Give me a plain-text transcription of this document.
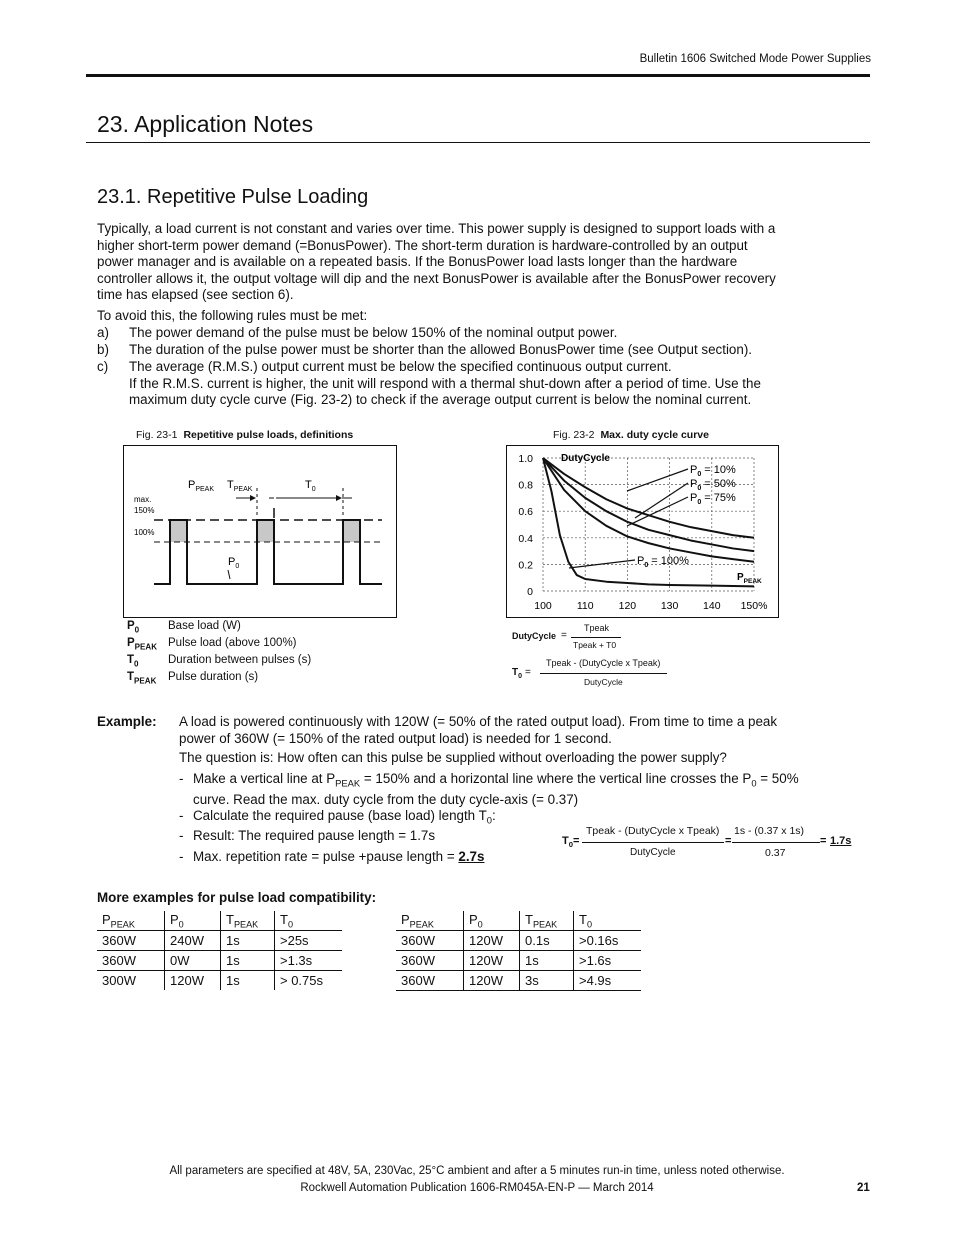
Bulletin 1606 Switched Mode Power Supplies
23. Application Notes
23.1. Repetitive Pulse Loading
Typically, a load current is not constant and varies over time. This power supply is designed to support loads with a
higher short-term power demand (=BonusPower). The short-term duration is hardware-controlled by an output
power manager and is available on a repeated basis. If the BonusPower load lasts longer than the hardware
controller allows it, the output voltage will dip and the next BonusPower is available after the BonusPower recovery
time has elapsed (see section 6).
To avoid this, the following rules must be met:
a) The power demand of the pulse must be below 150% of the nominal output power.
b) The duration of the pulse power must be shorter than the allowed BonusPower time (see Output section).
c) The average (R.M.S.) output current must be below the specified continuous output current.
If the R.M.S. current is higher, the unit will respond with a thermal shut-down after a period of time. Use the
maximum duty cycle curve (Fig. 23-2) to check if the average output current is below the nominal current.
Fig. 23-1 Repetitive pulse loads, definitions
max.
150%
100%
$P_{PEAK}$ $T_{PEAK}$	$T_0$
$P_0$
$P_0$	Base load (W)
$P_{PEAK}$ Pulse load (above 100%)
$T_0$	Duration between pulses (s)
$T_{PEAK}$ Pulse duration (s)
Fig. 23-2 Max. duty cycle curve
100 110 120 130 140 150%
1.0
0.8
0.6
0.4
0.2
0
DutyCycle
$P_0 = 10\%$
$P_0 = 50\%$
$P_0 = 75\%$
$P_0 = 100\%$
$P_{PEAK}$
DutyCycle =
Tpeak
Tpeak + T0
$T_0$ =
Tpeak - (DutyCycle x Tpeak)
DutyCycle
Example: A load is powered continuously with 120W (= 50% of the rated output load). From time to time a peak
power of 360W (= 150% of the rated output load) is needed for 1 second.
The question is: How often can this pulse be supplied without overloading the power supply?
- Make a vertical line at $P_{PEAK} = 150\%$ and a horizontal line where the vertical line crosses the $P_0 = 50\%$
curve. Read the max. duty cycle from the duty cycle-axis (= 0.37)
- Calculate the required pause (base load) length $T_0$:
- Result: The required pause length = 1.7s
- Max. repetition rate = pulse +pause length = 2.7s
$T_0=$
Tpeak - (DutyCycle x Tpeak)
DutyCycle
=
1s - (0.37 x 1s)
0.37
= 1.7s
More examples for pulse load compatibility:
$P_{PEAK}$	$P_0$	$T_{PEAK}$	$T_0$
360W	240W	1s	>25s
360W	0W	1s	>1.3s
300W	120W	1s	> 0.75s
$P_{PEAK}$	$P_0$	$T_{PEAK}$	$T_0$
360W	120W	0.1s	>0.16s
360W	120W	1s	>1.6s
360W	120W	3s	>4.9s
All parameters are specified at 48V, 5A, 230Vac, 25°C ambient and after a 5 minutes run-in time, unless noted otherwise.
Rockwell Automation Publication 1606-RM045A-EN-P — March 2014	21
